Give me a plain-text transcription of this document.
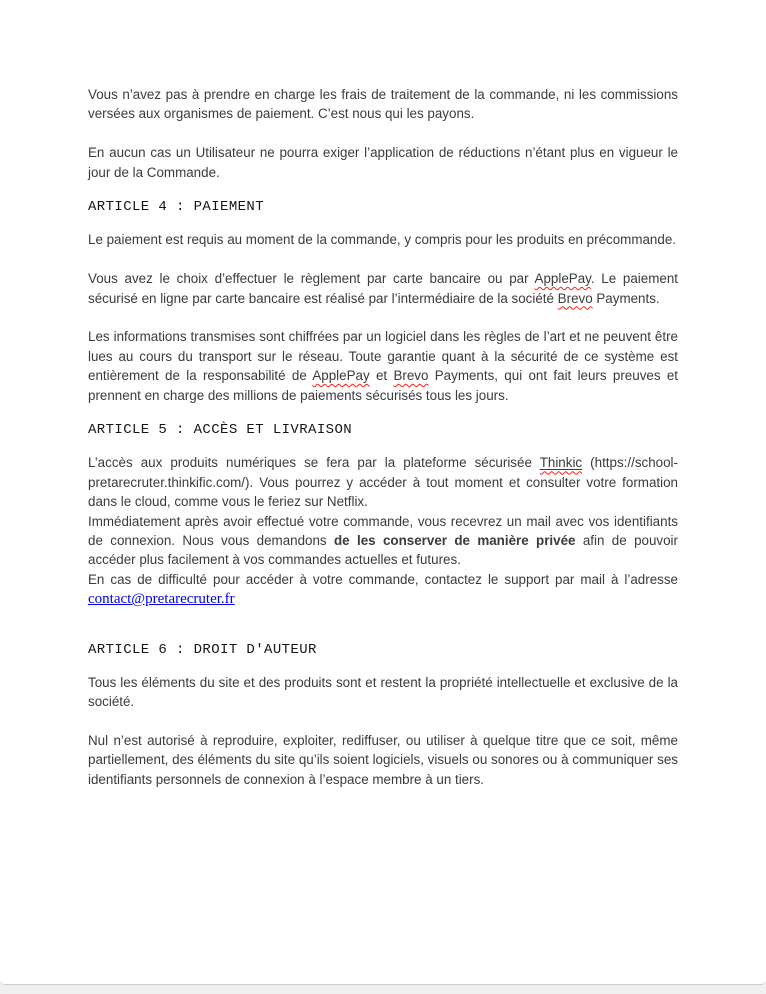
Vous n’avez pas à prendre en charge les frais de traitement de la commande, ni les commissions versées aux organismes de paiement. C’est nous qui les payons.

En aucun cas un Utilisateur ne pourra exiger l’application de réductions n’étant plus en vigueur le jour de la Commande.

ARTICLE 4 : PAIEMENT

Le paiement est requis au moment de la commande, y compris pour les produits en précommande.

Vous avez le choix d’effectuer le règlement par carte bancaire ou par ApplePay. Le paiement sécurisé en ligne par carte bancaire est réalisé par l’intermédiaire de la société Brevo Payments.

Les informations transmises sont chiffrées par un logiciel dans les règles de l’art et ne peuvent être lues au cours du transport sur le réseau. Toute garantie quant à la sécurité de ce système est entièrement de la responsabilité de ApplePay et Brevo Payments, qui ont fait leurs preuves et prennent en charge des millions de paiements sécurisés tous les jours.

ARTICLE 5 : ACCÈS ET LIVRAISON

L’accès aux produits numériques se fera par la plateforme sécurisée Thinkic (https://school-pretarecruter.thinkific.com/). Vous pourrez y accéder à tout moment et consulter votre formation dans le cloud, comme vous le feriez sur Netflix.

Immédiatement après avoir effectué votre commande, vous recevrez un mail avec vos identifiants de connexion. Nous vous demandons de les conserver de manière privée afin de pouvoir accéder plus facilement à vos commandes actuelles et futures.

En cas de difficulté pour accéder à votre commande, contactez le support par mail à l’adresse contact@pretarecruter.fr

ARTICLE 6 : DROIT D'AUTEUR

Tous les éléments du site et des produits sont et restent la propriété intellectuelle et exclusive de la société.

Nul n’est autorisé à reproduire, exploiter, rediffuser, ou utiliser à quelque titre que ce soit, même partiellement, des éléments du site qu’ils soient logiciels, visuels ou sonores ou à communiquer ses identifiants personnels de connexion à l’espace membre à un tiers.
